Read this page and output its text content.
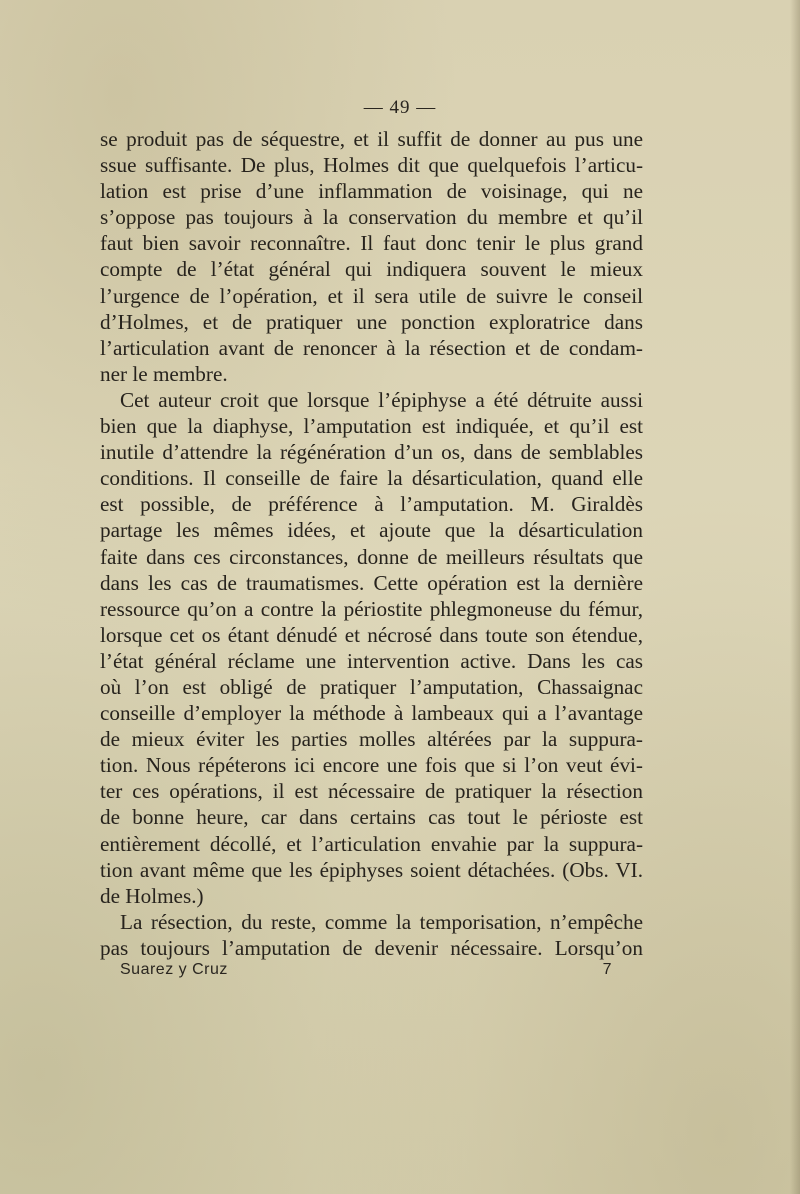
— 49 —
se produit pas de séquestre, et il suffit de donner au pus une
ssue suffisante. De plus, Holmes dit que quelquefois l’articu-
lation est prise d’une inflammation de voisinage, qui ne
s’oppose pas toujours à la conservation du membre et qu’il
faut bien savoir reconnaître. Il faut donc tenir le plus grand
compte de l’état général qui indiquera souvent le mieux
l’urgence de l’opération, et il sera utile de suivre le conseil
d’Holmes, et de pratiquer une ponction exploratrice dans
l’articulation avant de renoncer à la résection et de condam-
ner le membre.
Cet auteur croit que lorsque l’épiphyse a été détruite aussi
bien que la diaphyse, l’amputation est indiquée, et qu’il est
inutile d’attendre la régénération d’un os, dans de semblables
conditions. Il conseille de faire la désarticulation, quand elle
est possible, de préférence à l’amputation. M. Giraldès
partage les mêmes idées, et ajoute que la désarticulation
faite dans ces circonstances, donne de meilleurs résultats que
dans les cas de traumatismes. Cette opération est la dernière
ressource qu’on a contre la périostite phlegmoneuse du fémur,
lorsque cet os étant dénudé et nécrosé dans toute son étendue,
l’état général réclame une intervention active. Dans les cas
où l’on est obligé de pratiquer l’amputation, Chassaignac
conseille d’employer la méthode à lambeaux qui a l’avantage
de mieux éviter les parties molles altérées par la suppura-
tion. Nous répéterons ici encore une fois que si l’on veut évi-
ter ces opérations, il est nécessaire de pratiquer la résection
de bonne heure, car dans certains cas tout le périoste est
entièrement décollé, et l’articulation envahie par la suppura-
tion avant même que les épiphyses soient détachées. (Obs. VI.
de Holmes.)
La résection, du reste, comme la temporisation, n’empêche
pas toujours l’amputation de devenir nécessaire. Lorsqu’on
Suarez y Cruz	7
